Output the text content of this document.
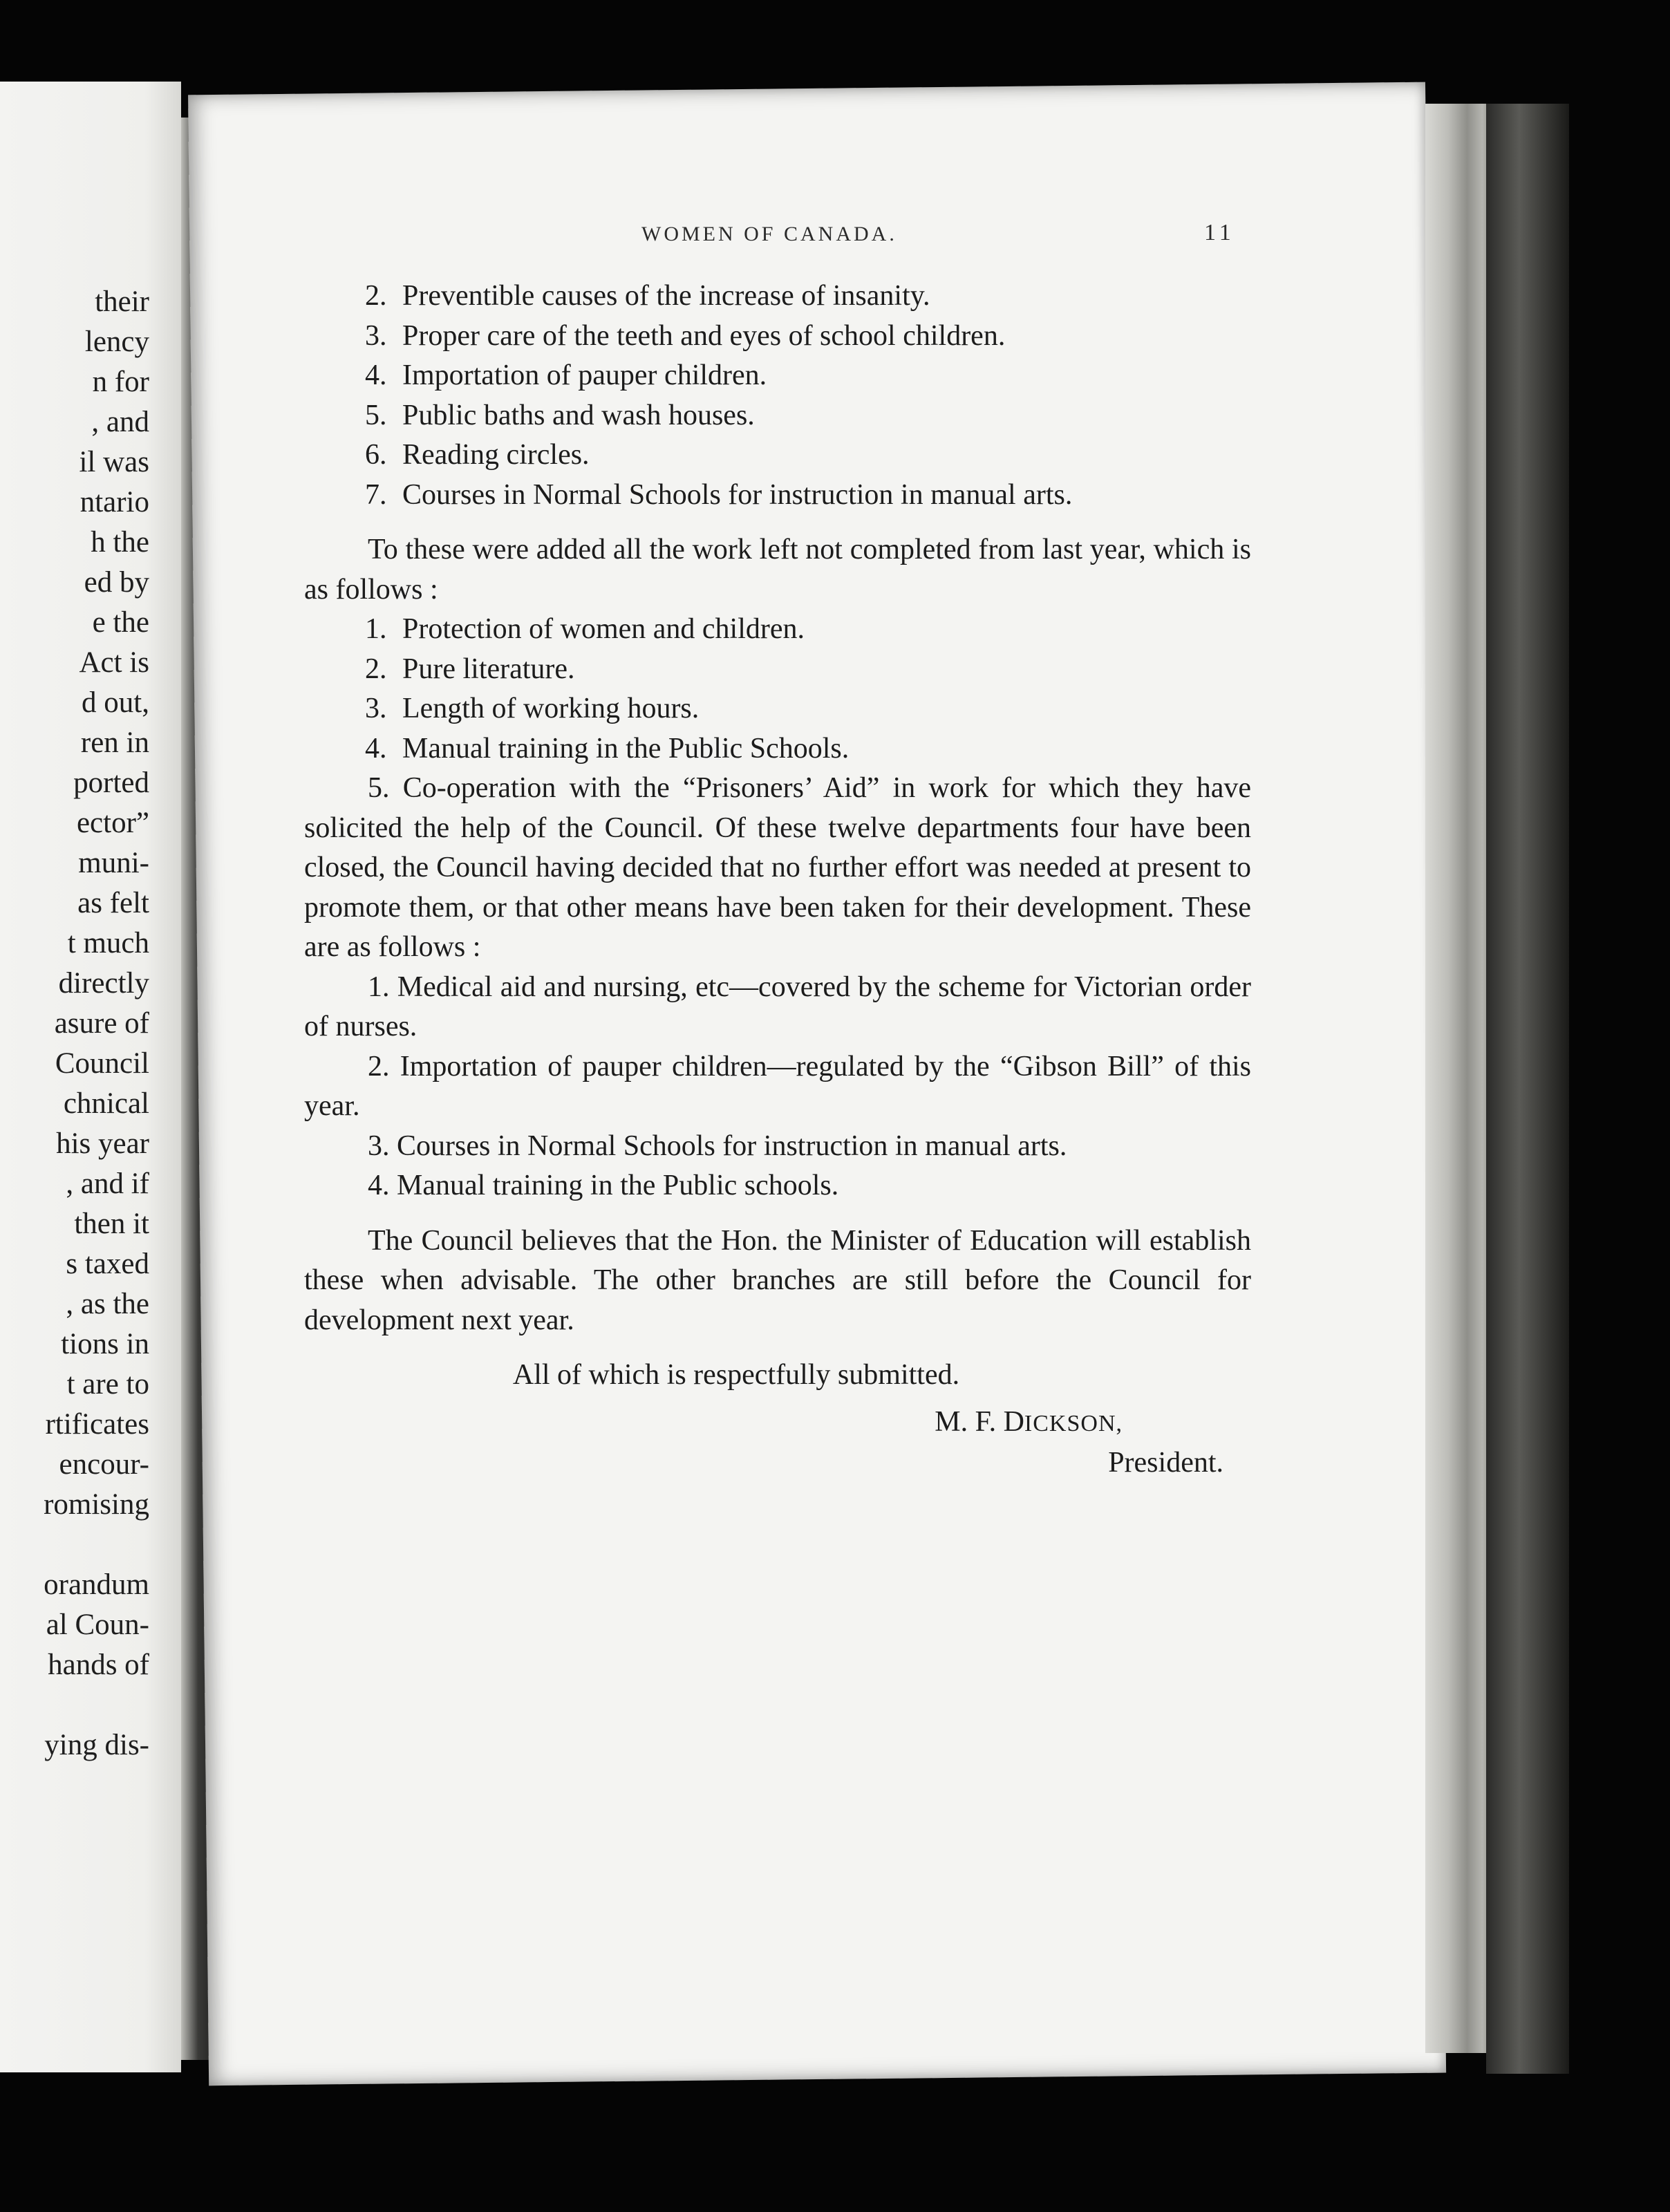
their
lency
n for
, and
il was
ntario
h the
ed by
e the
Act is
d out,
ren in
ported
ector”
muni-
as felt
t much
directly
asure of
Council
chnical
his year
, and if
then it
s taxed
, as the
tions in
t are to
rtificates
encour-
romising
orandum
al Coun-
hands of
ying dis-
WOMEN OF CANADA.	11
2. Preventible causes of the increase of insanity.
3. Proper care of the teeth and eyes of school children.
4. Importation of pauper children.
5. Public baths and wash houses.
6. Reading circles.
7. Courses in Normal Schools for instruction in manual arts.
To these were added all the work left not completed from last year, which is as follows :
1. Protection of women and children.
2. Pure literature.
3. Length of working hours.
4. Manual training in the Public Schools.
5. Co-operation with the “Prisoners’ Aid” in work for which they have solicited the help of the Council. Of these twelve departments four have been closed, the Council having decided that no further effort was needed at present to promote them, or that other means have been taken for their development. These are as follows :
1. Medical aid and nursing, etc—covered by the scheme for Victorian order of nurses.
2. Importation of pauper children—regulated by the “Gibson Bill” of this year.
3. Courses in Normal Schools for instruction in manual arts.
4. Manual training in the Public schools.
The Council believes that the Hon. the Minister of Education will establish these when advisable. The other branches are still before the Council for development next year.
All of which is respectfully submitted.
M. F. DICKSON,
President.
